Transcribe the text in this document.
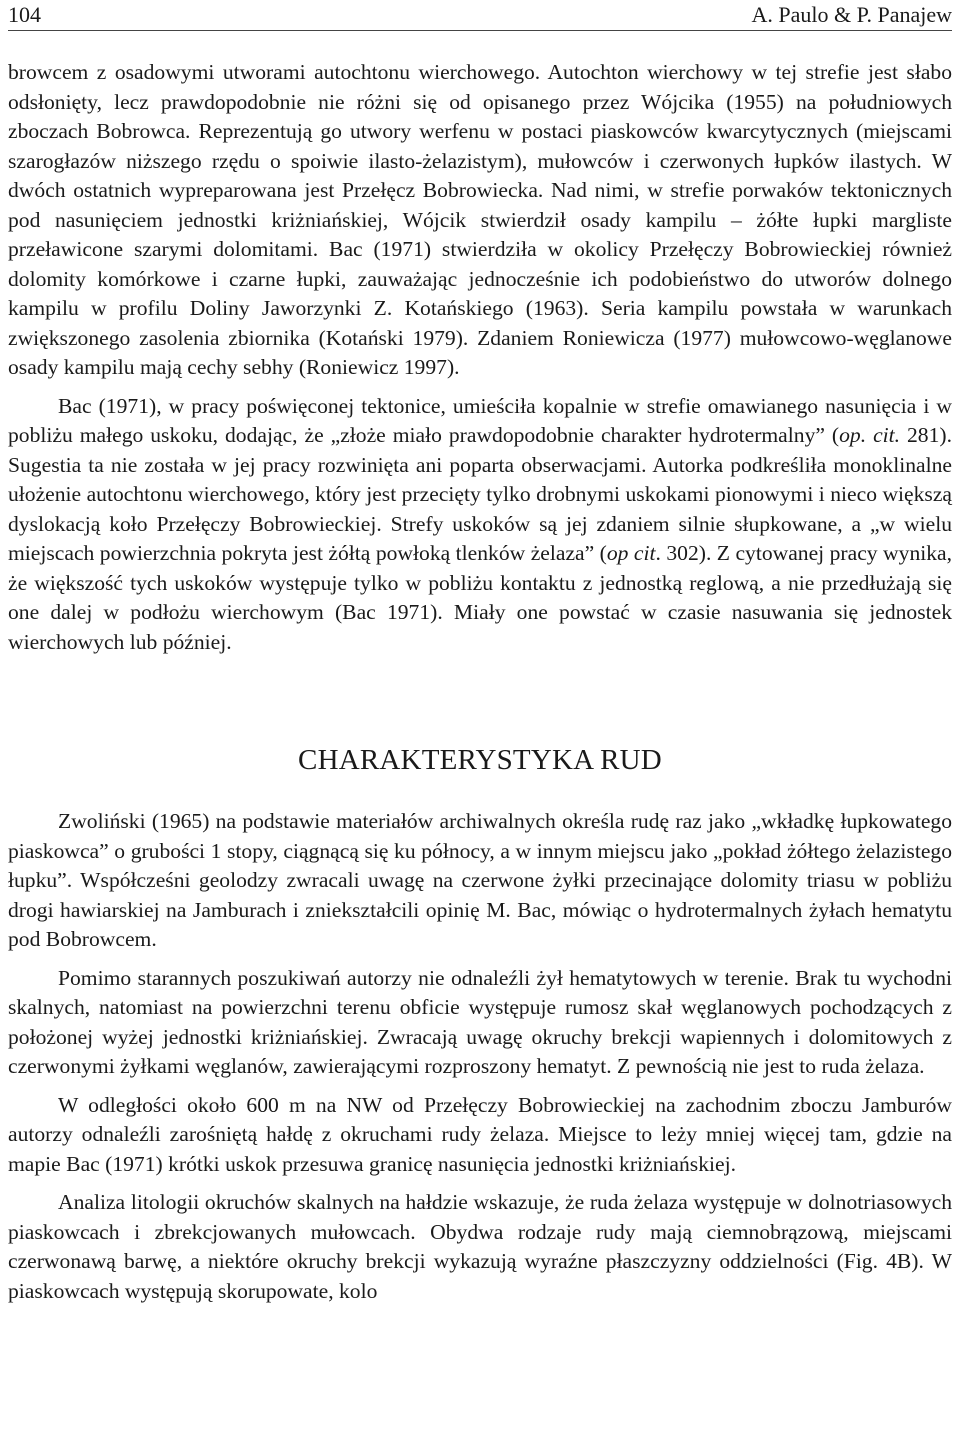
104	A. Paulo & P. Panajew

browcem z osadowymi utworami autochtonu wierchowego. Autochton wierchowy w tej strefie jest słabo odsłonięty, lecz prawdopodobnie nie różni się od opisanego przez Wójcika (1955) na południowych zboczach Bobrowca. Reprezentują go utwory werfenu w postaci piaskowców kwarcytycznych (miejscami szarogłazów niższego rzędu o spoiwie ilasto-żelazistym), mułowców i czerwonych łupków ilastych. W dwóch ostatnich wypreparowana jest Przełęcz Bobrowiecka. Nad nimi, w strefie porwaków tektonicznych pod nasunięciem jednostki kriżniańskiej, Wójcik stwierdził osady kampilu – żółte łupki margliste przeławicone szarymi dolomitami. Bac (1971) stwierdziła w okolicy Przełęczy Bobrowieckiej również dolomity komórkowe i czarne łupki, zauważając jednocześnie ich podobieństwo do utworów dolnego kampilu w profilu Doliny Jaworzynki Z. Kotańskiego (1963). Seria kampilu powstała w warunkach zwiększonego zasolenia zbiornika (Kotański 1979). Zdaniem Roniewicza (1977) mułowcowo-węglanowe osady kampilu mają cechy sebhy (Roniewicz 1997).

Bac (1971), w pracy poświęconej tektonice, umieściła kopalnie w strefie omawianego nasunięcia i w pobliżu małego uskoku, dodając, że „złoże miało prawdopodobnie charakter hydrotermalny” (op. cit. 281). Sugestia ta nie została w jej pracy rozwinięta ani poparta obserwacjami. Autorka podkreśliła monoklinalne ułożenie autochtonu wierchowego, który jest przecięty tylko drobnymi uskokami pionowymi i nieco większą dyslokacją koło Przełęczy Bobrowieckiej. Strefy uskoków są jej zdaniem silnie słupkowane, a „w wielu miejscach powierzchnia pokryta jest żółtą powłoką tlenków żelaza” (op cit. 302). Z cytowanej pracy wynika, że większość tych uskoków występuje tylko w pobliżu kontaktu z jednostką reglową, a nie przedłużają się one dalej w podłożu wierchowym (Bac 1971). Miały one powstać w czasie nasuwania się jednostek wierchowych lub później.

CHARAKTERYSTYKA RUD

Zwoliński (1965) na podstawie materiałów archiwalnych określa rudę raz jako „wkładkę łupkowatego piaskowca” o grubości 1 stopy, ciągnącą się ku północy, a w innym miejscu jako „pokład żółtego żelazistego łupku”. Współcześni geolodzy zwracali uwagę na czerwone żyłki przecinające dolomity triasu w pobliżu drogi hawiarskiej na Jamburach i zniekształcili opinię M. Bac, mówiąc o hydrotermalnych żyłach hematytu pod Bobrowcem.

Pomimo starannych poszukiwań autorzy nie odnaleźli żył hematytowych w terenie. Brak tu wychodni skalnych, natomiast na powierzchni terenu obficie występuje rumosz skał węglanowych pochodzących z położonej wyżej jednostki kriżniańskiej. Zwracają uwagę okruchy brekcji wapiennych i dolomitowych z czerwonymi żyłkami węglanów, zawierającymi rozproszony hematyt. Z pewnością nie jest to ruda żelaza.

W odległości około 600 m na NW od Przełęczy Bobrowieckiej na zachodnim zboczu Jamburów autorzy odnaleźli zarośniętą hałdę z okruchami rudy żelaza. Miejsce to leży mniej więcej tam, gdzie na mapie Bac (1971) krótki uskok przesuwa granicę nasunięcia jednostki kriżniańskiej.

Analiza litologii okruchów skalnych na hałdzie wskazuje, że ruda żelaza występuje w dolnotriasowych piaskowcach i zbrekcjowanych mułowcach. Obydwa rodzaje rudy mają ciemnobrązową, miejscami czerwonawą barwę, a niektóre okruchy brekcji wykazują wyraźne płaszczyzny oddzielności (Fig. 4B). W piaskowcach występują skorupowate, kolo
